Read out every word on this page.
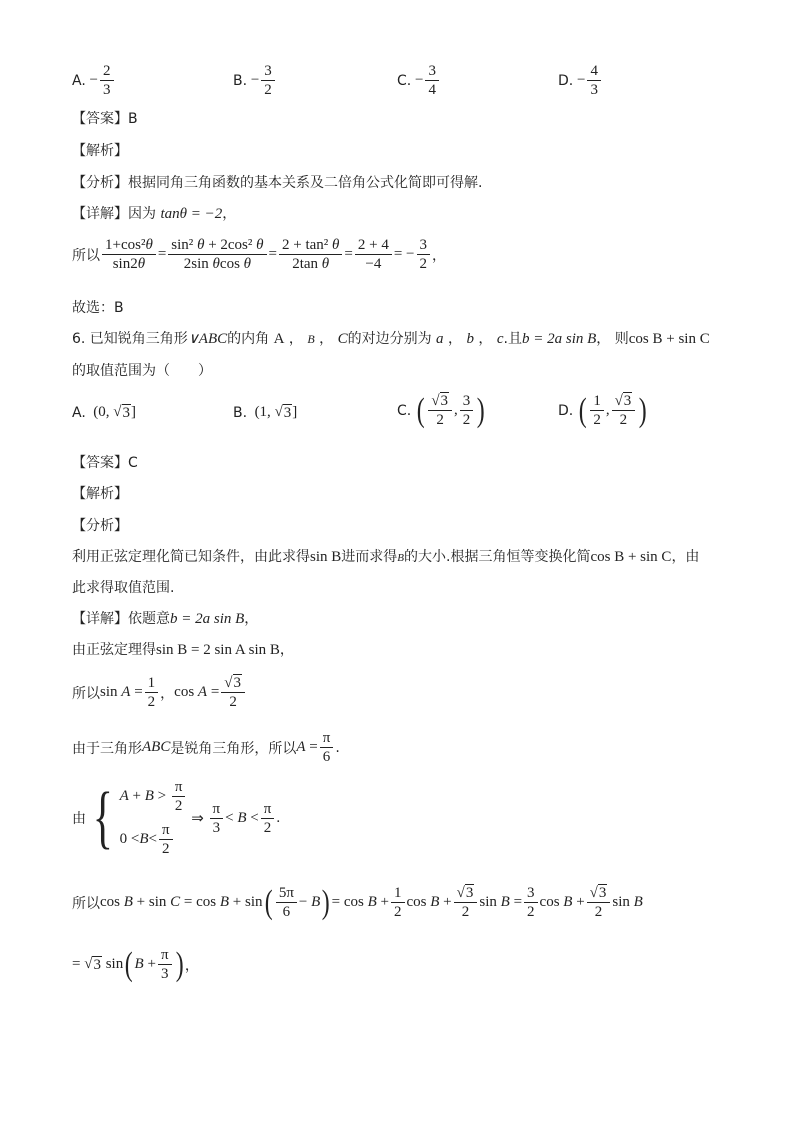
A.
− $\frac{2}{3}$	B.
− $\frac{3}{2}$	C.
− $\frac{3}{4}$	D.
− $\frac{4}{3}$
【答案】B
【解析】
【分析】根据同角三角函数的基本关系及二倍角公式化简即可得解.
【详解】因为 tanθ = −2，
所以 $\frac{\text{1+cos²θ}}{\sin 2\theta} = \frac{\text{sin² θ + 2cos² θ}}{\text{2sin θcos θ}} = \frac{\text{2 + tan² θ}}{\text{2tan θ}} = \frac{2 + 4}{-4}$ = − $\frac{3}{2}$ ，
故选：B
6. 已知锐角三角形∨ABC的内角 A ， B ， C的对边分别为 a ， b ， c.且b = 2a sin B， 则cos B + sin C
的取值范围为（　　）
A.
(0, √ 3 ]	B.
(1, √ 3 ]	C.
( $\frac{√ 3}{2}$ , $\frac{3}{2}$ )	D.
( $\frac{1}{2}$ , $\frac{√ 3}{2}$ )
【答案】C
【解析】
【分析】
利用正弦定理化简已知条件，由此求得sin B进而求得B的大小.根据三角恒等变换化简cos B + sin C，由
此求得取值范围.
【详解】依题意b = 2a sin B，
由正弦定理得sin B = 2 sin A sin B，
所以 $\sin A = \frac{1}{2}$ ， $\cos A = \frac{√ 3}{2}$
由于三角形 ABC 是锐角三角形，所以 $A = \frac{\pi}{6}$ .
由 { $A + B > \frac{\pi}{2}$
$0 < B < \frac{\pi}{2}$
⇒ $\frac{\pi}{3} < B < \frac{\pi}{2}$ .
所以 cos B + sin C = cos B + sin ( $\frac{5\pi}{6} - B$ ) = $\cos B + \frac{1}{2}$ $\cos B + \frac{√ 3}{2}$ $\sin B = \frac{3}{2}$ $\cos B + \frac{√ 3}{2}$ sin B
= √ 3 sin ( $B + \frac{\pi}{3}$ ) ，
